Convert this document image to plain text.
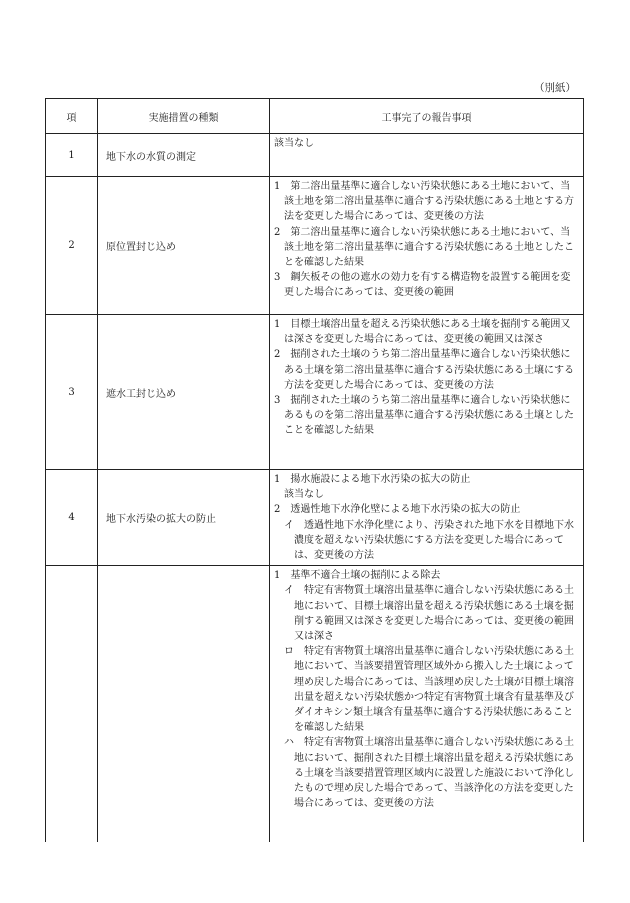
（別紙）
項	実施措置の種類	工事完了の報告事項
1	地下水の水質の測定	該当なし

2	原位置封じ込め	1　第二溶出量基準に適合しない汚染状態にある土地において、当該土地を第二溶出量基準に適合する汚染状態にある土地とする方法を変更した場合にあっては、変更後の方法
2　第二溶出量基準に適合しない汚染状態にある土地において、当該土地を第二溶出量基準に適合する汚染状態にある土地としたことを確認した結果
3　鋼矢板その他の遮水の効力を有する構造物を設置する範囲を変更した場合にあっては、変更後の範囲

3	遮水工封じ込め	1　目標土壌溶出量を超える汚染状態にある土壌を掘削する範囲又は深さを変更した場合にあっては、変更後の範囲又は深さ
2　掘削された土壌のうち第二溶出量基準に適合しない汚染状態にある土壌を第二溶出量基準に適合する汚染状態にある土壌にする方法を変更した場合にあっては、変更後の方法
3　掘削された土壌のうち第二溶出量基準に適合しない汚染状態にあるものを第二溶出量基準に適合する汚染状態にある土壌としたことを確認した結果

4	地下水汚染の拡大の防止	1　揚水施設による地下水汚染の拡大の防止
該当なし
2　透過性地下水浄化壁による地下水汚染の拡大の防止
イ　透過性地下水浄化壁により、汚染された地下水を目標地下水濃度を超えない汚染状態にする方法を変更した場合にあっては、変更後の方法

		1　基準不適合土壌の掘削による除去
イ　特定有害物質土壌溶出量基準に適合しない汚染状態にある土地において、目標土壌溶出量を超える汚染状態にある土壌を掘削する範囲又は深さを変更した場合にあっては、変更後の範囲又は深さ
ロ　特定有害物質土壌溶出量基準に適合しない汚染状態にある土地において、当該要措置管理区域外から搬入した土壌によって埋め戻した場合にあっては、当該埋め戻した土壌が目標土壌溶出量を超えない汚染状態かつ特定有害物質土壌含有量基準及びダイオキシン類土壌含有量基準に適合する汚染状態にあることを確認した結果
ハ　特定有害物質土壌溶出量基準に適合しない汚染状態にある土地において、掘削された目標土壌溶出量を超える汚染状態にある土壌を当該要措置管理区域内に設置した施設において浄化したもので埋め戻した場合であって、当該浄化の方法を変更した場合にあっては、変更後の方法
